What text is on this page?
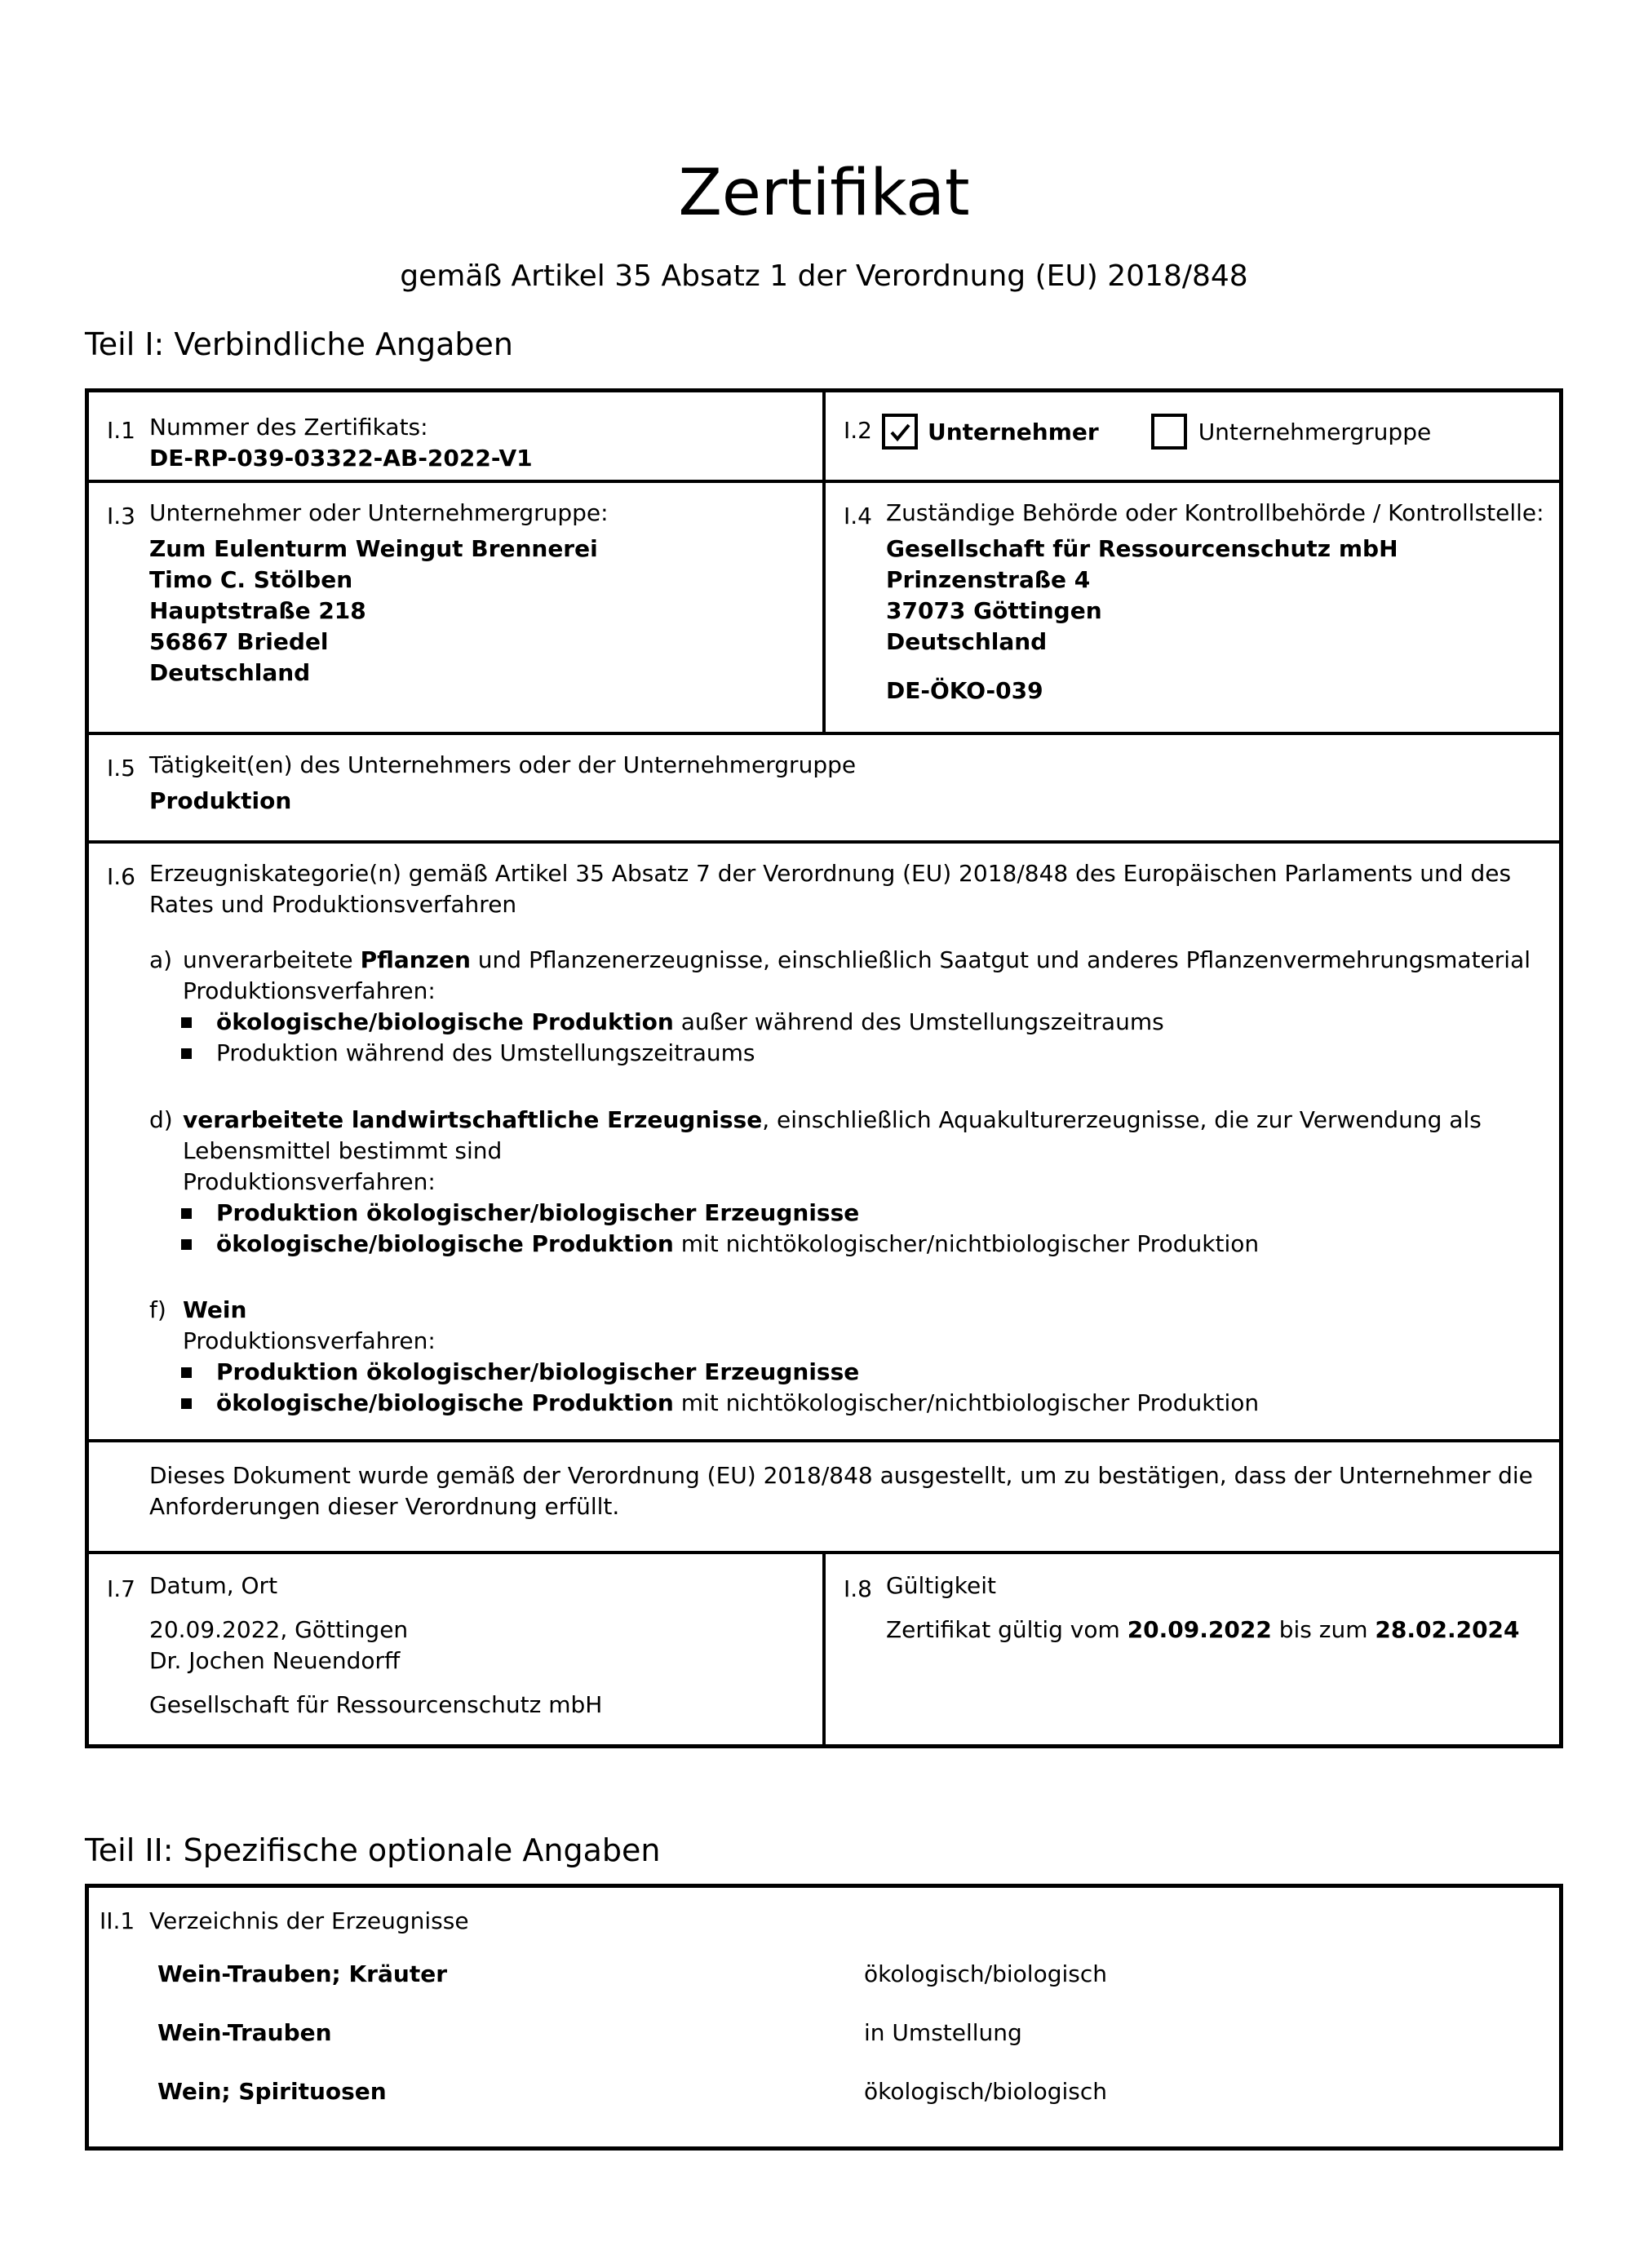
Zertifikat
gemäß Artikel 35 Absatz 1 der Verordnung (EU) 2018/848
Teil I: Verbindliche Angaben
I.1 Nummer des Zertifikats:
DE-RP-039-03322-AB-2022-V1
I.2 Unternehmer	Unternehmergruppe
I.3 Unternehmer oder Unternehmergruppe:
Zum Eulenturm Weingut Brennerei
Timo C. Stölben
Hauptstraße 218
56867 Briedel
Deutschland
I.4 Zuständige Behörde oder Kontrollbehörde / Kontrollstelle:
Gesellschaft für Ressourcenschutz mbH
Prinzenstraße 4
37073 Göttingen
Deutschland
DE-ÖKO-039
I.5 Tätigkeit(en) des Unternehmers oder der Unternehmergruppe
Produktion
I.6 Erzeugniskategorie(n) gemäß Artikel 35 Absatz 7 der Verordnung (EU) 2018/848 des Europäischen Parlaments und des
Rates und Produktionsverfahren
a) unverarbeitete Pflanzen und Pflanzenerzeugnisse, einschließlich Saatgut und anderes Pflanzenvermehrungsmaterial
Produktionsverfahren:
ökologische/biologische Produktion außer während des Umstellungszeitraums
Produktion während des Umstellungszeitraums
d) verarbeitete landwirtschaftliche Erzeugnisse, einschließlich Aquakulturerzeugnisse, die zur Verwendung als
Lebensmittel bestimmt sind
Produktionsverfahren:
Produktion ökologischer/biologischer Erzeugnisse
ökologische/biologische Produktion mit nichtökologischer/nichtbiologischer Produktion
f) Wein
Produktionsverfahren:
Produktion ökologischer/biologischer Erzeugnisse
ökologische/biologische Produktion mit nichtökologischer/nichtbiologischer Produktion
Dieses Dokument wurde gemäß der Verordnung (EU) 2018/848 ausgestellt, um zu bestätigen, dass der Unternehmer die
Anforderungen dieser Verordnung erfüllt.
I.7 Datum, Ort
20.09.2022, Göttingen
Dr. Jochen Neuendorff
Gesellschaft für Ressourcenschutz mbH
I.8 Gültigkeit
Zertifikat gültig vom 20.09.2022 bis zum 28.02.2024
Teil II: Spezifische optionale Angaben
II.1 Verzeichnis der Erzeugnisse
Wein-Trauben; Kräuter	ökologisch/biologisch
Wein-Trauben	in Umstellung
Wein; Spirituosen	ökologisch/biologisch
